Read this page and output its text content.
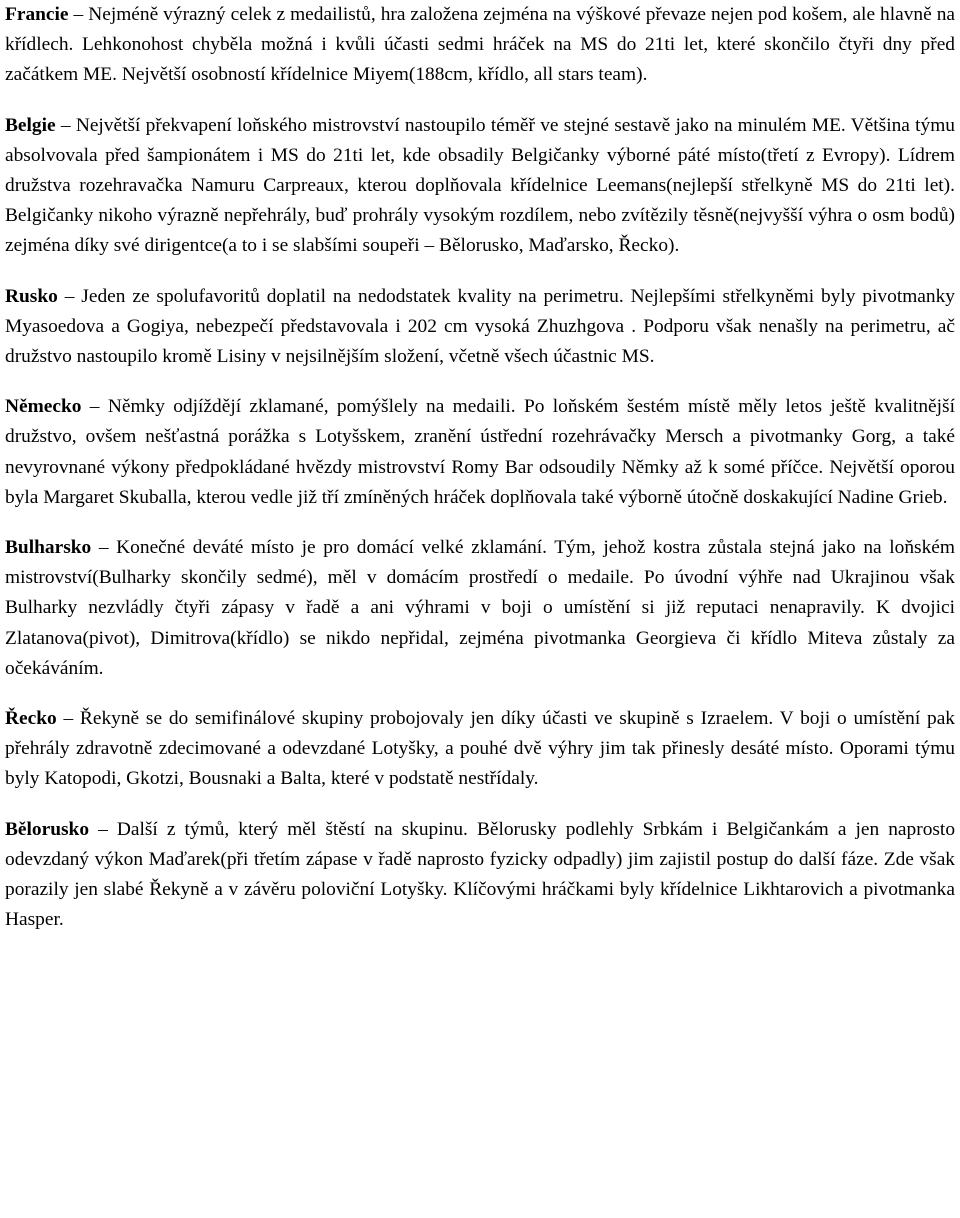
Francie – Nejméně výrazný celek z medailistů, hra založena zejména na výškové převaze nejen pod košem, ale hlavně na křídlech. Lehkonohost chyběla možná i kvůli účasti sedmi hráček na MS do 21ti let, které skončilo čtyři dny před začátkem ME. Největší osobností křídelnice Miyem(188cm, křídlo, all stars team).

Belgie – Největší překvapení loňského mistrovství nastoupilo téměř ve stejné sestavě jako na minulém ME. Většina týmu absolvovala před šampionátem i MS do 21ti let, kde obsadily Belgičanky výborné páté místo(třetí z Evropy). Lídrem družstva rozehravačka Namuru Carpreaux, kterou doplňovala křídelnice Leemans(nejlepší střelkyně MS do 21ti let). Belgičanky nikoho výrazně nepřehrály, buď prohrály vysokým rozdílem, nebo zvítězily těsně(nejvyšší výhra o osm bodů) zejména díky své dirigentce(a to i se slabšími soupeři – Bělorusko, Maďarsko, Řecko).

Rusko – Jeden ze spolufavoritů doplatil na nedodstatek kvality na perimetru. Nejlepšími střelkyněmi byly pivotmanky Myasoedova a Gogiya, nebezpečí představovala i 202 cm vysoká Zhuzhgova . Podporu však nenašly na perimetru, ač družstvo nastoupilo kromě Lisiny v nejsilnějším složení, včetně všech účastnic MS.

Německo – Němky odjíždějí zklamané, pomýšlely na medaili. Po loňském šestém místě měly letos ještě kvalitnější družstvo, ovšem nešťastná porážka s Lotyšskem, zranění ústřední rozehrávačky Mersch a pivotmanky Gorg, a také nevyrovnané výkony předpokládané hvězdy mistrovství Romy Bar odsoudily Němky až k somé příčce. Největší oporou byla Margaret Skuballa, kterou vedle již tří zmíněných hráček doplňovala také výborně útočně doskakující Nadine Grieb.

Bulharsko – Konečné deváté místo je pro domácí velké zklamání. Tým, jehož kostra zůstala stejná jako na loňském mistrovství(Bulharky skončily sedmé), měl v domácím prostředí o medaile. Po úvodní výhře nad Ukrajinou však Bulharky nezvládly čtyři zápasy v řadě a ani výhrami v boji o umístění si již reputaci nenapravily. K dvojici Zlatanova(pivot), Dimitrova(křídlo) se nikdo nepřidal, zejména pivotmanka Georgieva či křídlo Miteva zůstaly za očekáváním.

Řecko – Řekyně se do semifinálové skupiny probojovaly jen díky účasti ve skupině s Izraelem. V boji o umístění pak přehrály zdravotně zdecimované a odevzdané Lotyšky, a pouhé dvě výhry jim tak přinesly desáté místo. Oporami týmu byly Katopodi, Gkotzi, Bousnaki a Balta, které v podstatě nestřídaly.

Bělorusko – Další z týmů, který měl štěstí na skupinu. Bělorusky podlehly Srbkám i Belgičankám a jen naprosto odevzdaný výkon Maďarek(při třetím zápase v řadě naprosto fyzicky odpadly) jim zajistil postup do další fáze. Zde však porazily jen slabé Řekyně a v závěru poloviční Lotyšky. Klíčovými hráčkami byly křídelnice Likhtarovich a pivotmanka Hasper.
